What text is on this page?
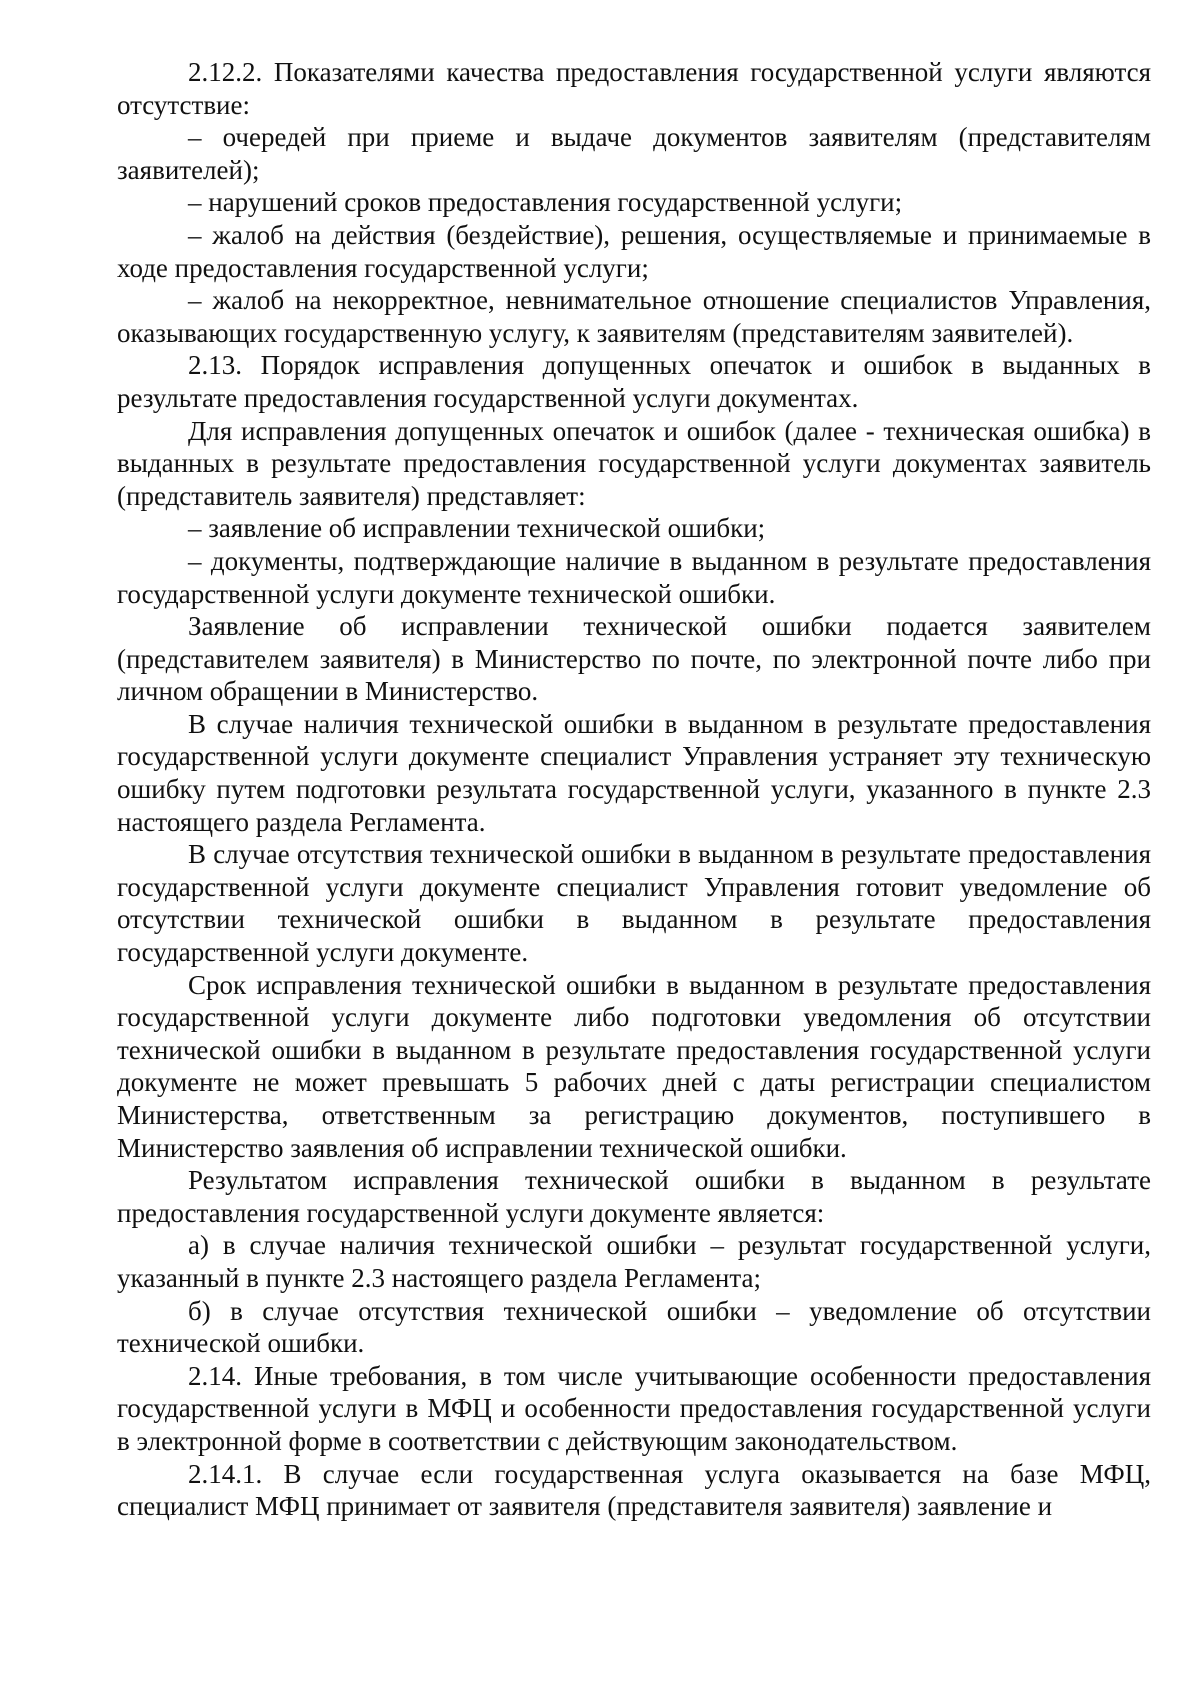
2.12.2. Показателями качества предоставления государственной услуги являются отсутствие:

– очередей при приеме и выдаче документов заявителям (представителям заявителей);

– нарушений сроков предоставления государственной услуги;

– жалоб на действия (бездействие), решения, осуществляемые и принимаемые в ходе предоставления государственной услуги;

– жалоб на некорректное, невнимательное отношение специалистов Управления, оказывающих государственную услугу, к заявителям (представителям заявителей).

2.13. Порядок исправления допущенных опечаток и ошибок в выданных в результате предоставления государственной услуги документах.

Для исправления допущенных опечаток и ошибок (далее - техническая ошибка) в выданных в результате предоставления государственной услуги документах заявитель (представитель заявителя) представляет:

– заявление об исправлении технической ошибки;

– документы, подтверждающие наличие в выданном в результате предоставления государственной услуги документе технической ошибки.

Заявление об исправлении технической ошибки подается заявителем (представителем заявителя) в Министерство по почте, по электронной почте либо при личном обращении в Министерство.

В случае наличия технической ошибки в выданном в результате предоставления государственной услуги документе специалист Управления устраняет эту техническую ошибку путем подготовки результата государственной услуги, указанного в пункте 2.3 настоящего раздела Регламента.

В случае отсутствия технической ошибки в выданном в результате предоставления государственной услуги документе специалист Управления готовит уведомление об отсутствии технической ошибки в выданном в результате предоставления государственной услуги документе.

Срок исправления технической ошибки в выданном в результате предоставления государственной услуги документе либо подготовки уведомления об отсутствии технической ошибки в выданном в результате предоставления государственной услуги документе не может превышать 5 рабочих дней с даты регистрации специалистом Министерства, ответственным за регистрацию документов, поступившего в Министерство заявления об исправлении технической ошибки.

Результатом исправления технической ошибки в выданном в результате предоставления государственной услуги документе является:

а) в случае наличия технической ошибки – результат государственной услуги, указанный в пункте 2.3 настоящего раздела Регламента;

б) в случае отсутствия технической ошибки – уведомление об отсутствии технической ошибки.

2.14. Иные требования, в том числе учитывающие особенности предоставления государственной услуги в МФЦ и особенности предоставления государственной услуги в электронной форме в соответствии с действующим законодательством.

2.14.1. В случае если государственная услуга оказывается на базе МФЦ, специалист МФЦ принимает от заявителя (представителя заявителя) заявление и
